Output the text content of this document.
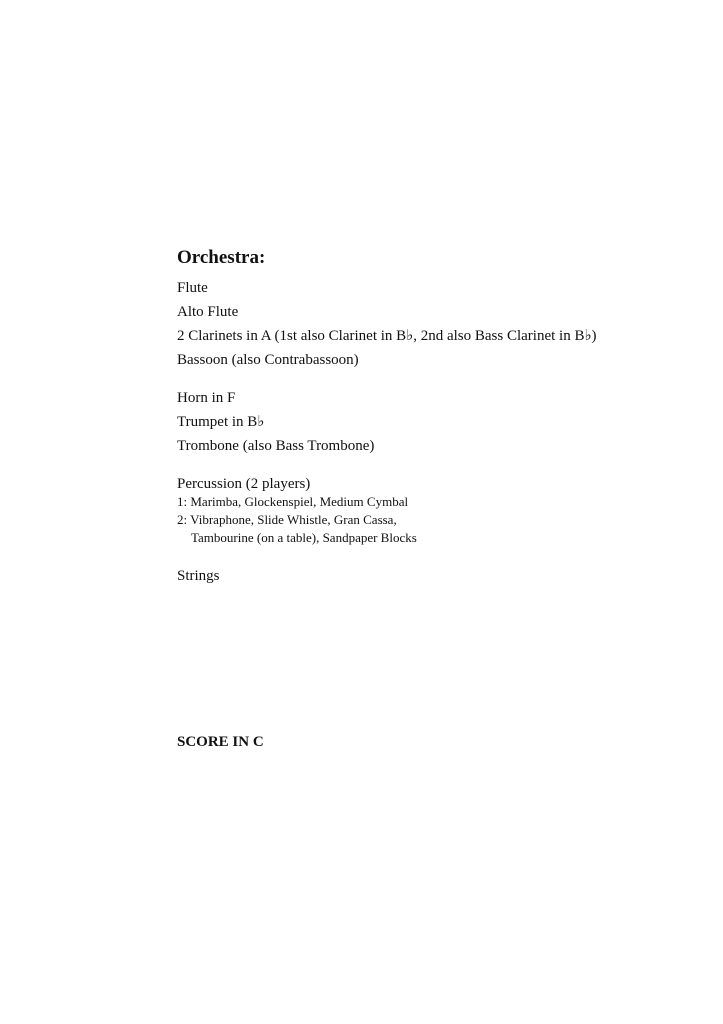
Orchestra:
Flute
Alto Flute
2 Clarinets in A (1st also Clarinet in B♭, 2nd also Bass Clarinet in B♭)
Bassoon (also Contrabassoon)
Horn in F
Trumpet in B♭
Trombone (also Bass Trombone)
Percussion (2 players)
1: Marimba, Glockenspiel, Medium Cymbal
2: Vibraphone, Slide Whistle, Gran Cassa,
Tambourine (on a table), Sandpaper Blocks
Strings
SCORE IN C
